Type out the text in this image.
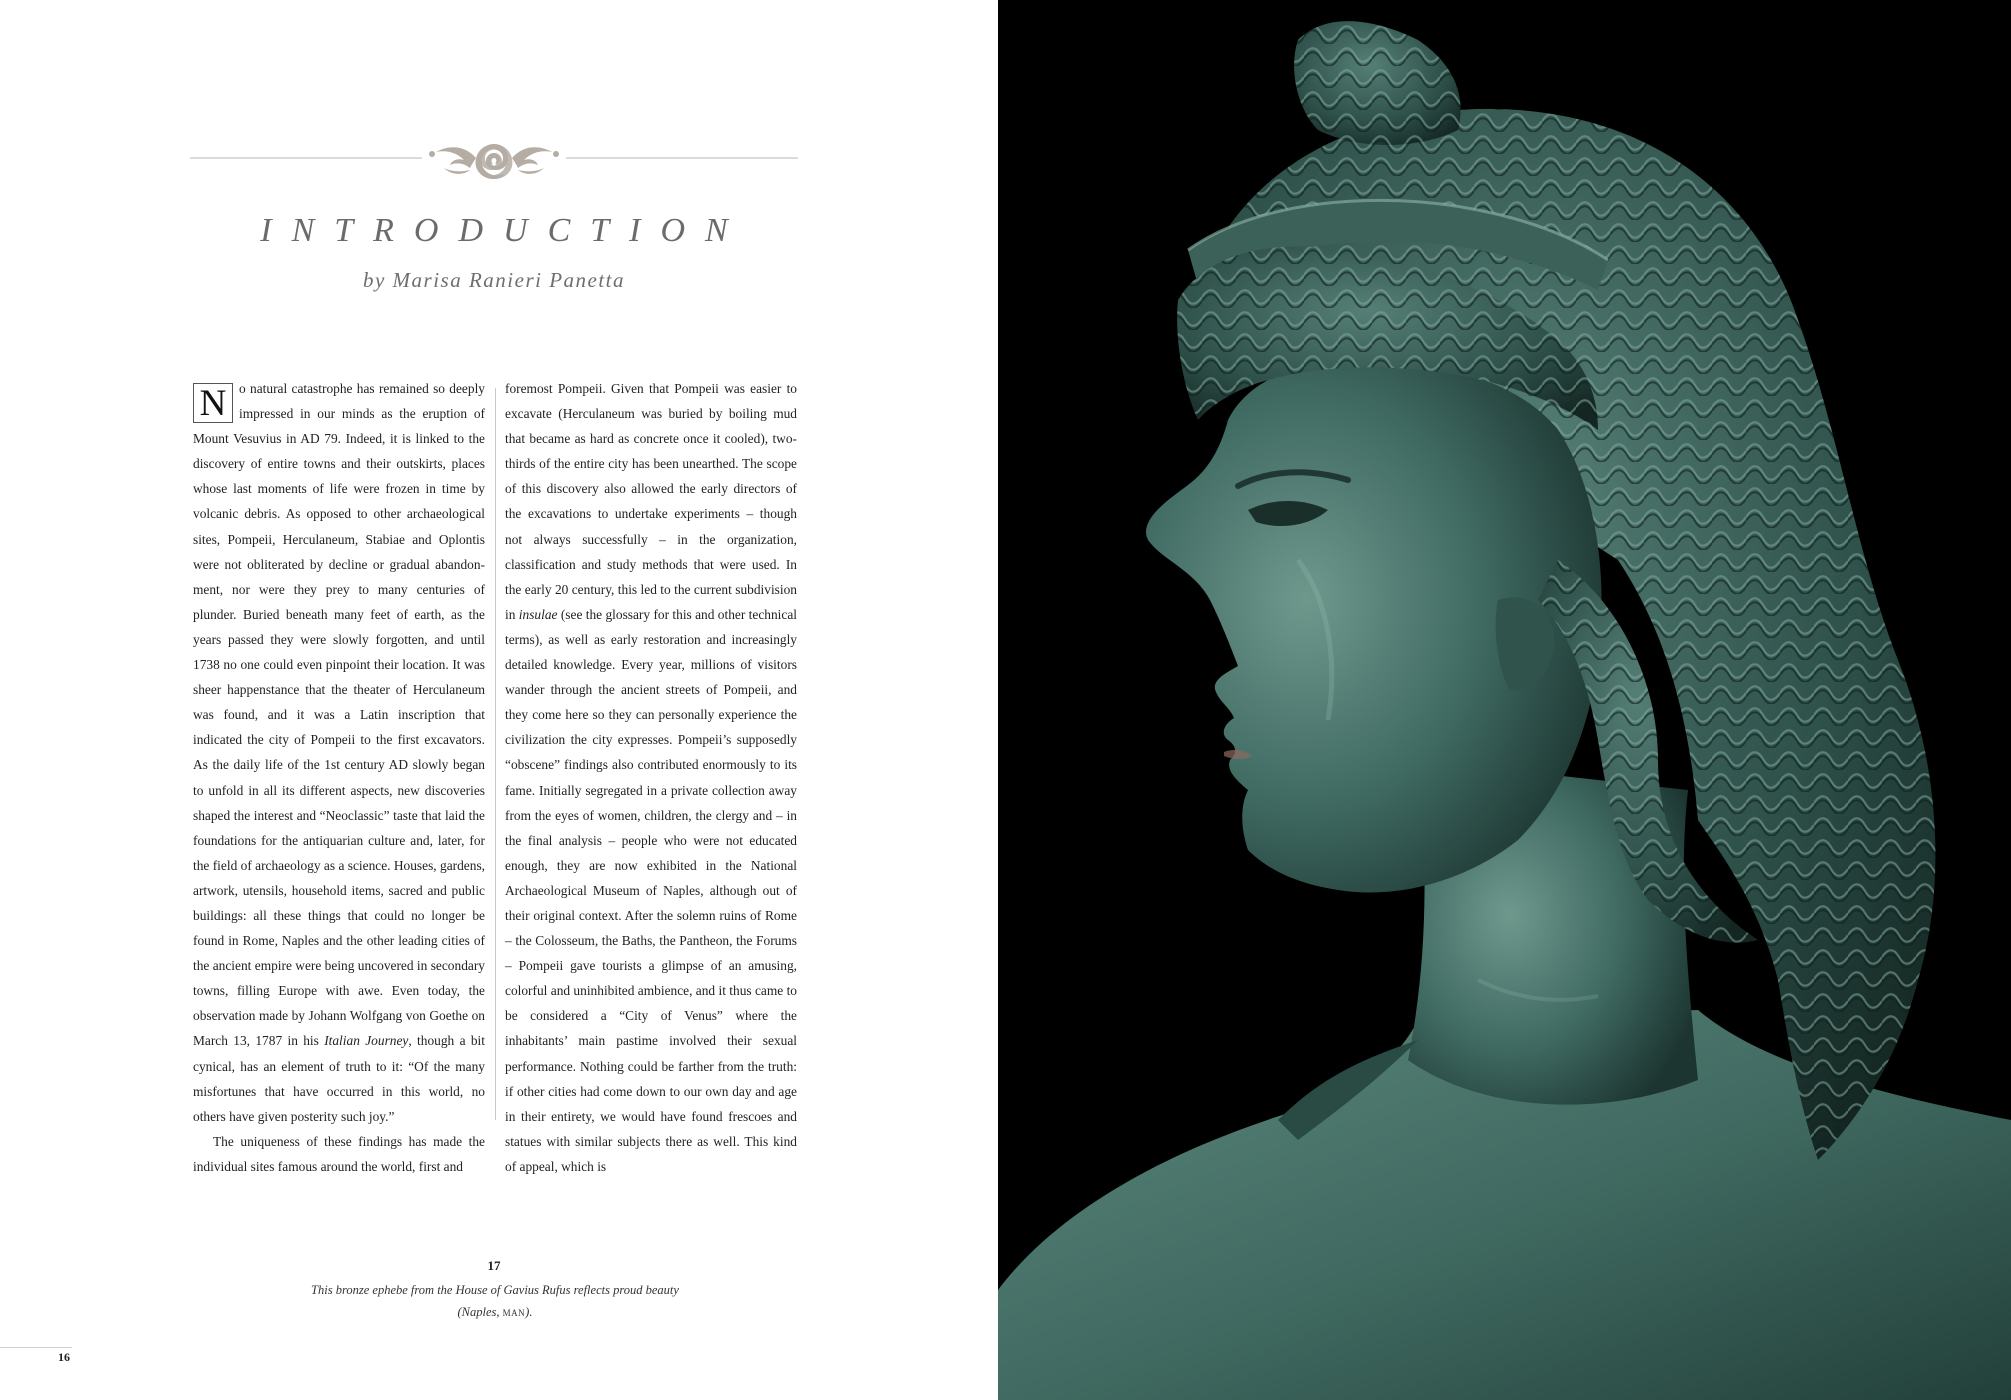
INTRODUCTION
by Marisa Ranieri Panetta

N o natural catastrophe has remained so deeply impressed in our minds as the eruption of Mount Vesuvius in AD 79. Indeed, it is linked to the discovery of entire towns and their outskirts, places whose last moments of life were frozen in time by volcanic debris. As opposed to other archaeological sites, Pompeii, Herculaneum, Stabiae and Oplontis were not obliterated by decline or gradual abandonment, nor were they prey to many centuries of plunder. Buried beneath many feet of earth, as the years passed they were slowly forgotten, and until 1738 no one could even pinpoint their location. It was sheer happenstance that the theater of Herculaneum was found, and it was a Latin inscription that indicated the city of Pompeii to the first excavators. As the daily life of the 1st century AD slowly began to unfold in all its different aspects, new discoveries shaped the interest and “Neoclassic” taste that laid the foundations for the antiquarian culture and, later, for the field of archaeology as a science. Houses, gardens, artwork, utensils, household items, sacred and public buildings: all these things that could no longer be found in Rome, Naples and the other leading cities of the ancient empire were being uncovered in secondary towns, filling Europe with awe. Even today, the observation made by Johann Wolfgang von Goethe on March 13, 1787 in his Italian Journey, though a bit cynical, has an element of truth to it: “Of the many misfortunes that have occurred in this world, no others have given posterity such joy.”

The uniqueness of these findings has made the individual sites famous around the world, first and

foremost Pompeii. Given that Pompeii was easier to excavate (Herculaneum was buried by boiling mud that became as hard as concrete once it cooled), two-thirds of the entire city has been unearthed. The scope of this discovery also allowed the early directors of the excavations to undertake experiments – though not always successfully – in the organization, classification and study methods that were used. In the early 20 century, this led to the current subdivision in insulae (see the glossary for this and other technical terms), as well as early restoration and increasingly detailed knowledge. Every year, millions of visitors wander through the ancient streets of Pompeii, and they come here so they can personally experience the civilization the city expresses. Pompeii’s supposedly “obscene” findings also contributed enormously to its fame. Initially segregated in a private collection away from the eyes of women, children, the clergy and – in the final analysis – people who were not educated enough, they are now exhibited in the National Archaeological Museum of Naples, although out of their original context. After the solemn ruins of Rome – the Colosseum, the Baths, the Pantheon, the Forums – Pompeii gave tourists a glimpse of an amusing, colorful and uninhibited ambience, and it thus came to be considered a “City of Venus” where the inhabitants’ main pastime involved their sexual performance. Nothing could be farther from the truth: if other cities had come down to our own day and age in their entirety, we would have found frescoes and statues with similar subjects there as well. This kind of appeal, which is

17
This bronze ephebe from the House of Gavius Rufus reflects proud beauty
(Naples, man).
16
